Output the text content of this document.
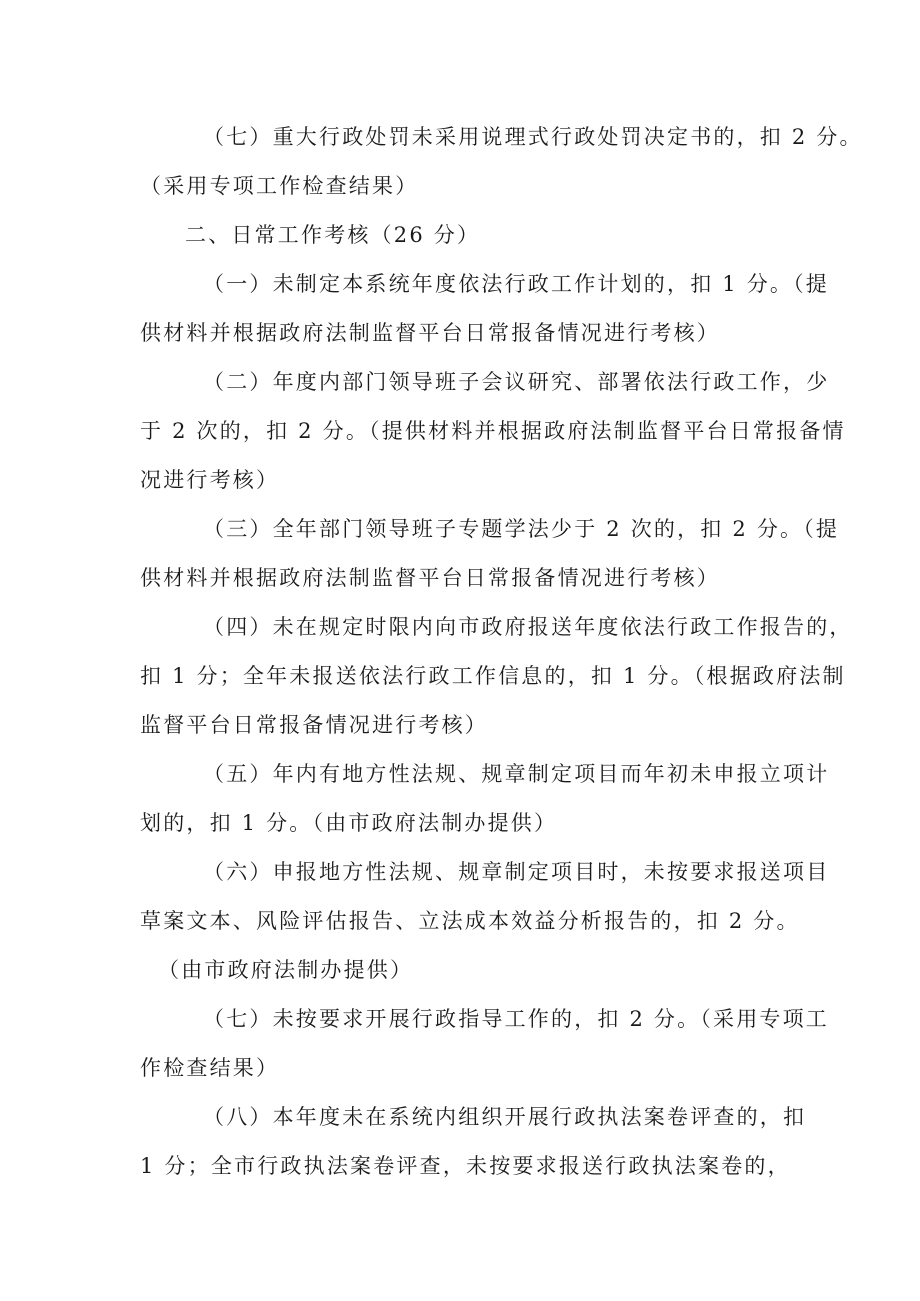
（七）重大行政处罚未采用说理式行政处罚决定书的，扣 2 分。
（采用专项工作检查结果）
二、日常工作考核（26 分）
（一）未制定本系统年度依法行政工作计划的，扣 1 分。（提
供材料并根据政府法制监督平台日常报备情况进行考核）
（二）年度内部门领导班子会议研究、部署依法行政工作，少
于 2 次的，扣 2 分。（提供材料并根据政府法制监督平台日常报备情
况进行考核）
（三）全年部门领导班子专题学法少于 2 次的，扣 2 分。（提
供材料并根据政府法制监督平台日常报备情况进行考核）
（四）未在规定时限内向市政府报送年度依法行政工作报告的，
扣 1 分；全年未报送依法行政工作信息的，扣 1 分。（根据政府法制
监督平台日常报备情况进行考核）
（五）年内有地方性法规、规章制定项目而年初未申报立项计
划的，扣 1 分。（由市政府法制办提供）
（六）申报地方性法规、规章制定项目时，未按要求报送项目
草案文本、风险评估报告、立法成本效益分析报告的，扣 2 分。
（由市政府法制办提供）
（七）未按要求开展行政指导工作的，扣 2 分。（采用专项工
作检查结果）
（八）本年度未在系统内组织开展行政执法案卷评查的，扣
1 分；全市行政执法案卷评查，未按要求报送行政执法案卷的，
